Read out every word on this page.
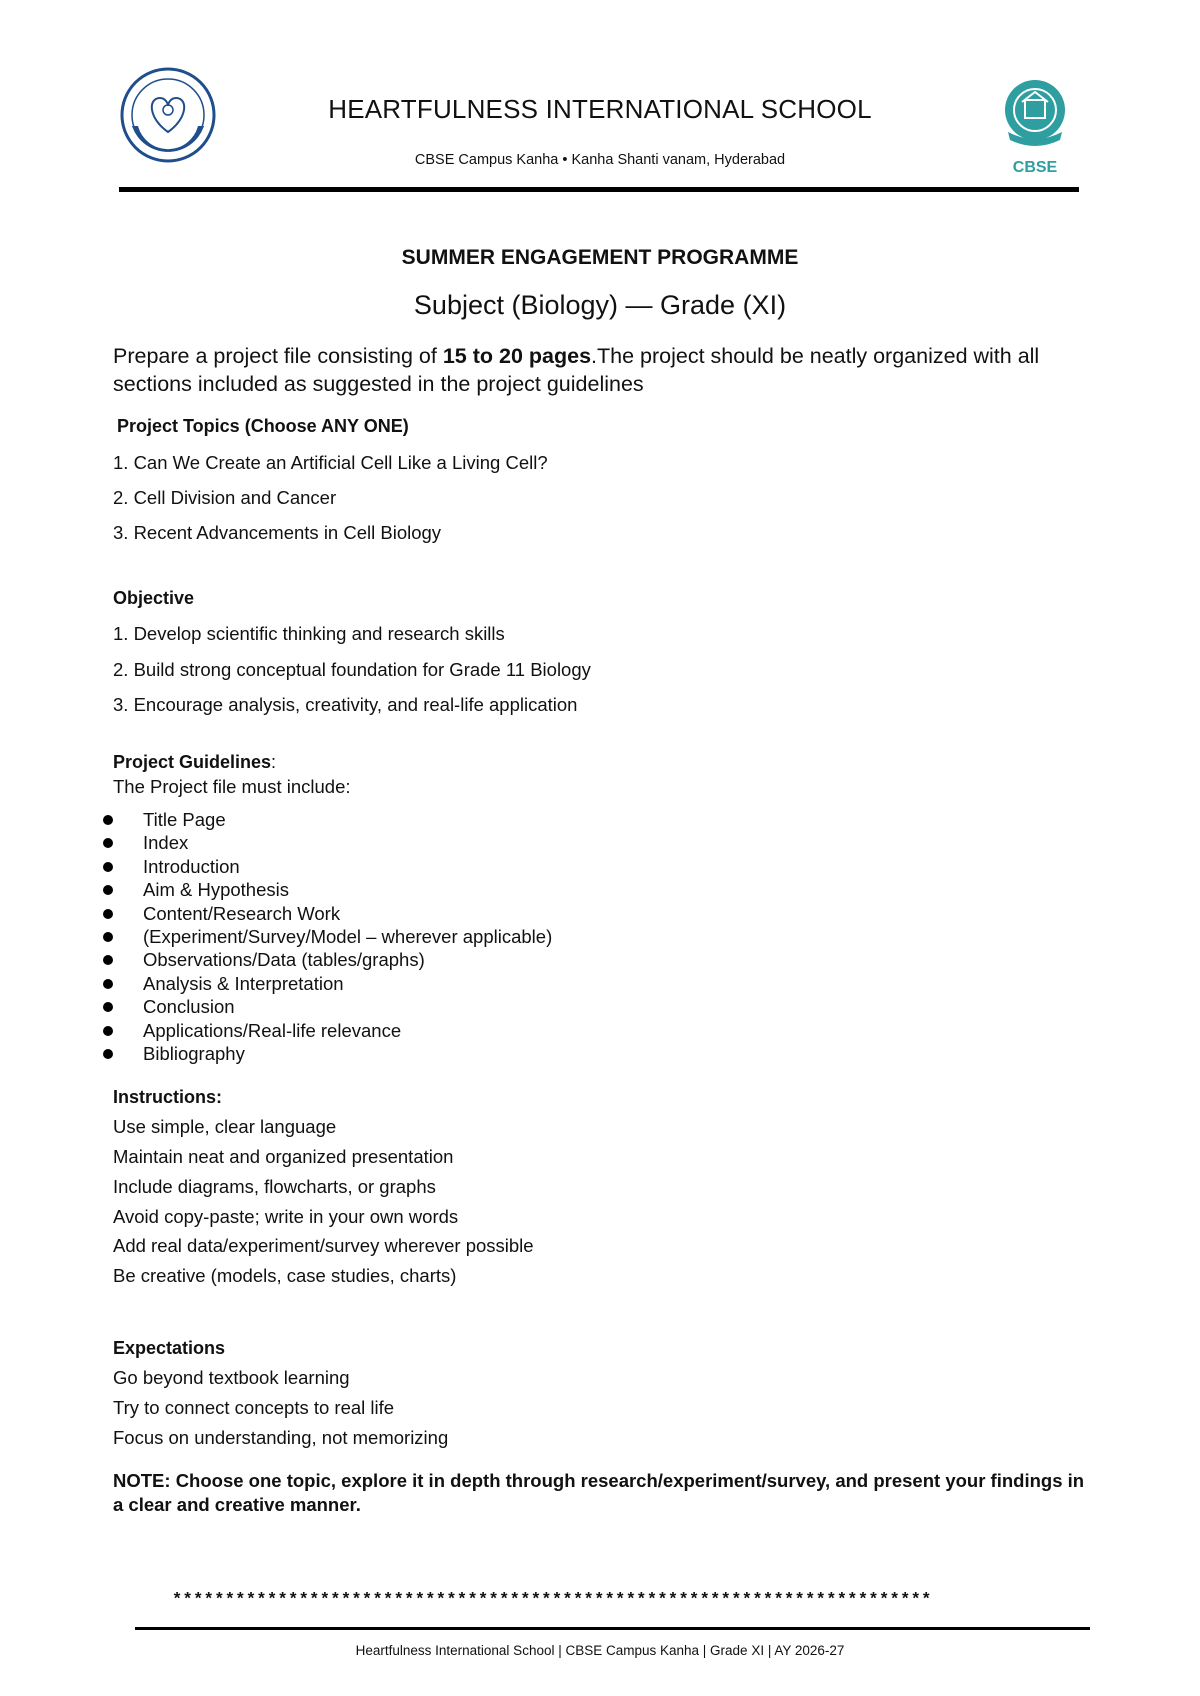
HEARTFULNESS INTERNATIONAL SCHOOL
CBSE Campus Kanha • Kanha Shanti vanam, Hyderabad	CBSE
SUMMER ENGAGEMENT PROGRAMME
Subject (Biology) — Grade (XI)
Prepare a project file consisting of 15 to 20 pages.The project should be neatly organized with all sections included as suggested in the project guidelines
Project Topics (Choose ANY ONE)
1. Can We Create an Artificial Cell Like a Living Cell?
2. Cell Division and Cancer
3. Recent Advancements in Cell Biology
Objective
1. Develop scientific thinking and research skills
2. Build strong conceptual foundation for Grade 11 Biology
3. Encourage analysis, creativity, and real-life application
Project Guidelines:
The Project file must include:
Title Page
Index
Introduction
Aim & Hypothesis
Content/Research Work
(Experiment/Survey/Model – wherever applicable)
Observations/Data (tables/graphs)
Analysis & Interpretation
Conclusion
Applications/Real-life relevance
Bibliography
Instructions:
Use simple, clear language
Maintain neat and organized presentation
Include diagrams, flowcharts, or graphs
Avoid copy-paste; write in your own words
Add real data/experiment/survey wherever possible
Be creative (models, case studies, charts)
Expectations
Go beyond textbook learning
Try to connect concepts to real life
Focus on understanding, not memorizing
NOTE: Choose one topic, explore it in depth through research/experiment/survey, and present your findings in a clear and creative manner.
************************************************************************
Heartfulness International School | CBSE Campus Kanha | Grade XI | AY 2026-27
